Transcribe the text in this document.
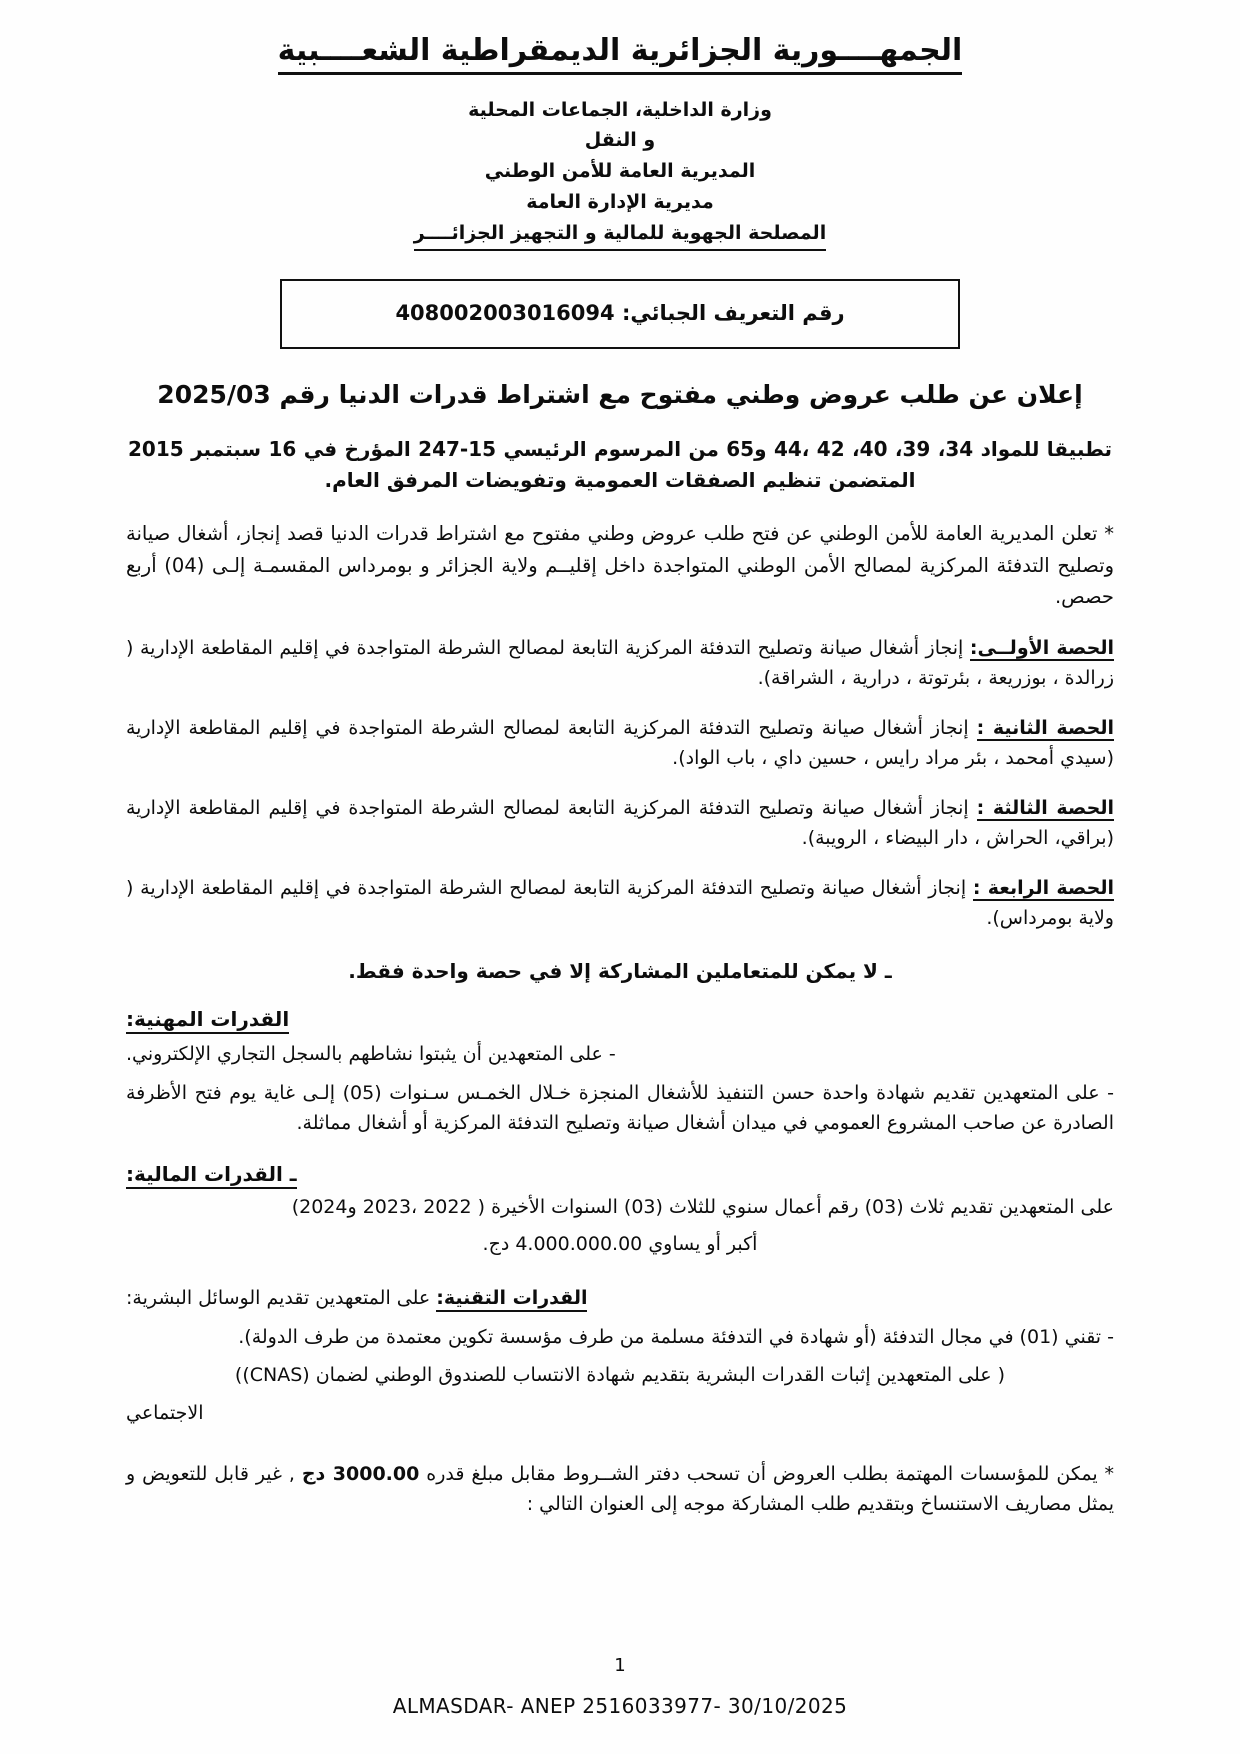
الجمهــــورية الجزائرية الديمقراطية الشعــــبية
وزارة الداخلية، الجماعات المحلية
و النقل
المديرية العامة للأمن الوطني
مديرية الإدارة العامة
المصلحة الجهوية للمالية و التجهيز الجزائــــر
رقم التعريف الجبائي: 408002003016094
إعلان عن طلب عروض وطني مفتوح مع اشتراط قدرات الدنيا رقم 2025/03
تطبيقا للمواد 34، 39، 40، 42 ،44 و65 من المرسوم الرئيسي 15-247 المؤرخ في 16 سبتمبر 2015 المتضمن تنظيم الصفقات العمومية وتفويضات المرفق العام.
* تعلن المديرية العامة للأمن الوطني عن فتح طلب عروض وطني مفتوح مع اشتراط قدرات الدنيا قصد إنجاز، أشغال صيانة وتصليح التدفئة المركزية لمصالح الأمن الوطني المتواجدة داخل إقليــم ولاية الجزائر و بومرداس المقسمـة إلـى (04) أربع حصص.
الحصة الأولــى: إنجاز أشغال صيانة وتصليح التدفئة المركزية التابعة لمصالح الشرطة المتواجدة في إقليم المقاطعة الإدارية ( زرالدة ، بوزريعة ، بئرتوتة ، درارية ، الشراقة).
الحصة الثانية : إنجاز أشغال صيانة وتصليح التدفئة المركزية التابعة لمصالح الشرطة المتواجدة في إقليم المقاطعة الإدارية (سيدي أمحمد ، بئر مراد رايس ، حسين داي ، باب الواد).
الحصة الثالثة : إنجاز أشغال صيانة وتصليح التدفئة المركزية التابعة لمصالح الشرطة المتواجدة في إقليم المقاطعة الإدارية (براقي، الحراش ، دار البيضاء ، الرويبة).
الحصة الرابعة : إنجاز أشغال صيانة وتصليح التدفئة المركزية التابعة لمصالح الشرطة المتواجدة في إقليم المقاطعة الإدارية ( ولاية بومرداس).
ـ لا يمكن للمتعاملين المشاركة إلا في حصة واحدة فقط.
القدرات المهنية:
- على المتعهدين أن يثبتوا نشاطهم بالسجل التجاري الإلكتروني.
- على المتعهدين تقديم شهادة واحدة حسن التنفيذ للأشغال المنجزة خـلال الخمـس سـنوات (05) إلـى غاية يوم فتح الأظرفة الصادرة عن صاحب المشروع العمومي في ميدان أشغال صيانة وتصليح التدفئة المركزية أو أشغال مماثلة.
ـ القدرات المالية:
على المتعهدين تقديم ثلاث (03) رقم أعمال سنوي للثلاث (03) السنوات الأخيرة ( 2022 ،2023 و2024)
أكبر أو يساوي 4.000.000.00 دج.
القدرات التقنية: على المتعهدين تقديم الوسائل البشرية:
- تقني (01) في مجال التدفئة (أو شهادة في التدفئة مسلمة من طرف مؤسسة تكوين معتمدة من طرف الدولة).
( على المتعهدين إثبات القدرات البشرية بتقديم شهادة الانتساب للصندوق الوطني لضمان (CNAS))
الاجتماعي
* يمكن للمؤسسات المهتمة بطلب العروض أن تسحب دفتر الشــروط مقابل مبلغ قدره 3000.00 دج , غير قابل للتعويض و يمثل مصاريف الاستنساخ وبتقديم طلب المشاركة موجه إلى العنوان التالي :
1
ALMASDAR- ANEP 2516033977- 30/10/2025
